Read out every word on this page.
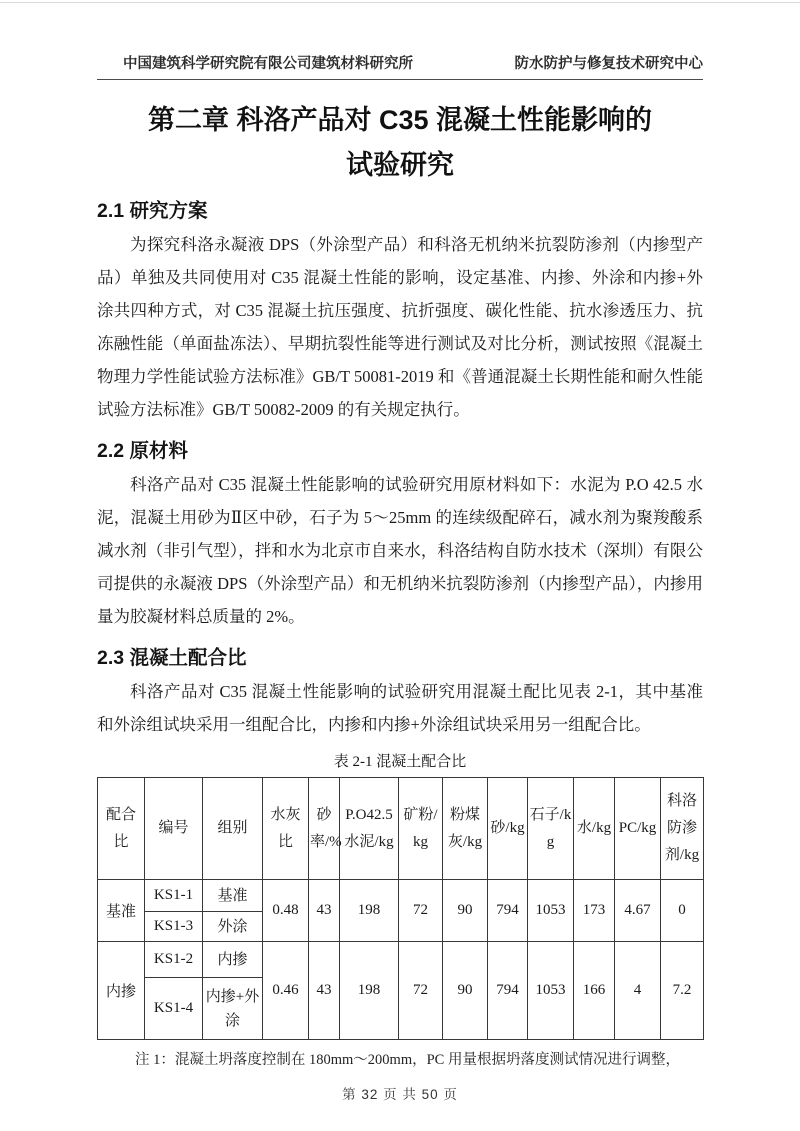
中国建筑科学研究院有限公司建筑材料研究所	防水防护与修复技术研究中心
第二章 科洛产品对 C35 混凝土性能影响的
试验研究
2.1 研究方案

为探究科洛永凝液 DPS（外涂型产品）和科洛无机纳米抗裂防渗剂（内掺型产品）单独及共同使用对 C35 混凝土性能的影响，设定基准、内掺、外涂和内掺+外涂共四种方式，对 C35 混凝土抗压强度、抗折强度、碳化性能、抗水渗透压力、抗冻融性能（单面盐冻法）、早期抗裂性能等进行测试及对比分析，测试按照《混凝土物理力学性能试验方法标准》GB/T 50081-2019 和《普通混凝土长期性能和耐久性能试验方法标准》GB/T 50082-2009 的有关规定执行。

2.2 原材料

科洛产品对 C35 混凝土性能影响的试验研究用原材料如下：水泥为 P.O 42.5 水泥，混凝土用砂为Ⅱ区中砂，石子为 5～25mm 的连续级配碎石，减水剂为聚羧酸系减水剂（非引气型），拌和水为北京市自来水，科洛结构自防水技术（深圳）有限公司提供的永凝液 DPS（外涂型产品）和无机纳米抗裂防渗剂（内掺型产品），内掺用量为胶凝材料总质量的 2%。

2.3 混凝土配合比

科洛产品对 C35 混凝土性能影响的试验研究用混凝土配比见表 2-1，其中基准和外涂组试块采用一组配合比，内掺和内掺+外涂组试块采用另一组配合比。

表 2-1 混凝土配合比
配合比	编号	组别	水灰比	砂率/%	P.O42.5 水泥/kg	矿粉/kg	粉煤灰/kg	砂/kg	石子/kg	水/kg	PC/kg	科洛防渗剂/kg
基准	KS1-1	基准	0.48	43	198	72	90	794	1053	173	4.67	0
	KS1-3	外涂										
内掺	KS1-2	内掺	0.46	43	198	72	90	794	1053	166	4	7.2
	KS1-4	内掺+外涂										
注 1：混凝土坍落度控制在 180mm～200mm，PC 用量根据坍落度测试情况进行调整，
第 32 页 共 50 页
